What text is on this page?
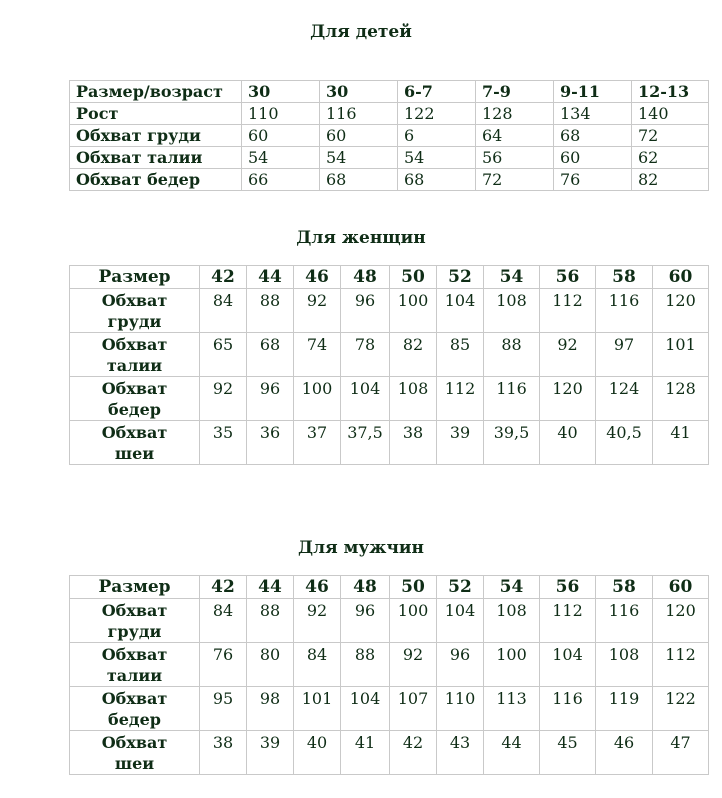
Для детей
Размер/возраст	30	30	6-7	7-9	9-11	12-13
Рост	110	116	122	128	134	140
Обхват груди	60	60	6	64	68	72
Обхват талии	54	54	54	56	60	62
Обхват бедер	66	68	68	72	76	82
Для женщин
Размер	42	44	46	48	50	52	54	56	58	60

Обхват
груди	84	88	92	96	100	104	108	112	116	120

Обхват
талии	65	68	74	78	82	85	88	92	97	101

Обхват
бедер	92	96	100	104	108	112	116	120	124	128

Обхват
шеи	35	36	37	37,5	38	39	39,5	40	40,5	41
Для мужчин
Размер	42	44	46	48	50	52	54	56	58	60

Обхват
груди	84	88	92	96	100	104	108	112	116	120

Обхват
талии	76	80	84	88	92	96	100	104	108	112

Обхват
бедер	95	98	101	104	107	110	113	116	119	122

Обхват
шеи	38	39	40	41	42	43	44	45	46	47
